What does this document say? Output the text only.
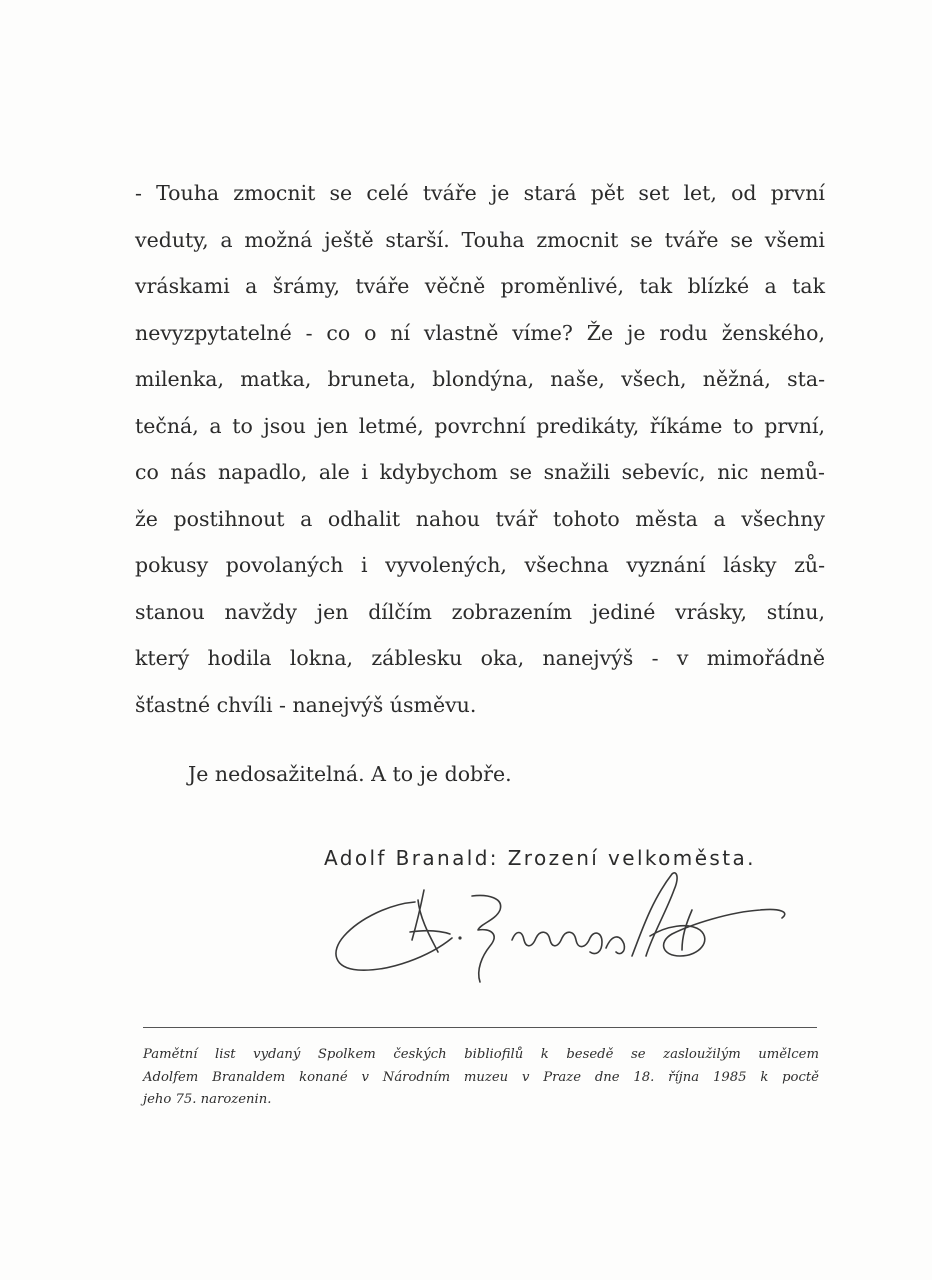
- Touha zmocnit se celé tváře je stará pět set let, od první
veduty, a možná ještě starší. Touha zmocnit se tváře se všemi
vráskami a šrámy, tváře věčně proměnlivé, tak blízké a tak
nevyzpytatelné - co o ní vlastně víme? Že je rodu ženského,
milenka, matka, bruneta, blondýna, naše, všech, něžná, sta-
tečná, a to jsou jen letmé, povrchní predikáty, říkáme to první,
co nás napadlo, ale i kdybychom se snažili sebevíc, nic nemů-
že postihnout a odhalit nahou tvář tohoto města a všechny
pokusy povolaných i vyvolených, všechna vyznání lásky zů-
stanou navždy jen dílčím zobrazením jediné vrásky, stínu,
který hodila lokna, záblesku oka, nanejvýš - v mimořádně
šťastné chvíli - nanejvýš úsměvu.
Je nedosažitelná. A to je dobře.
Adolf Branald: Zrození velkoměsta.
Pamětní list vydaný Spolkem českých bibliofilů k besedě se zasloužilým umělcem
Adolfem Branaldem konané v Národním muzeu v Praze dne 18. října 1985 k poctě
jeho 75. narozenin.
